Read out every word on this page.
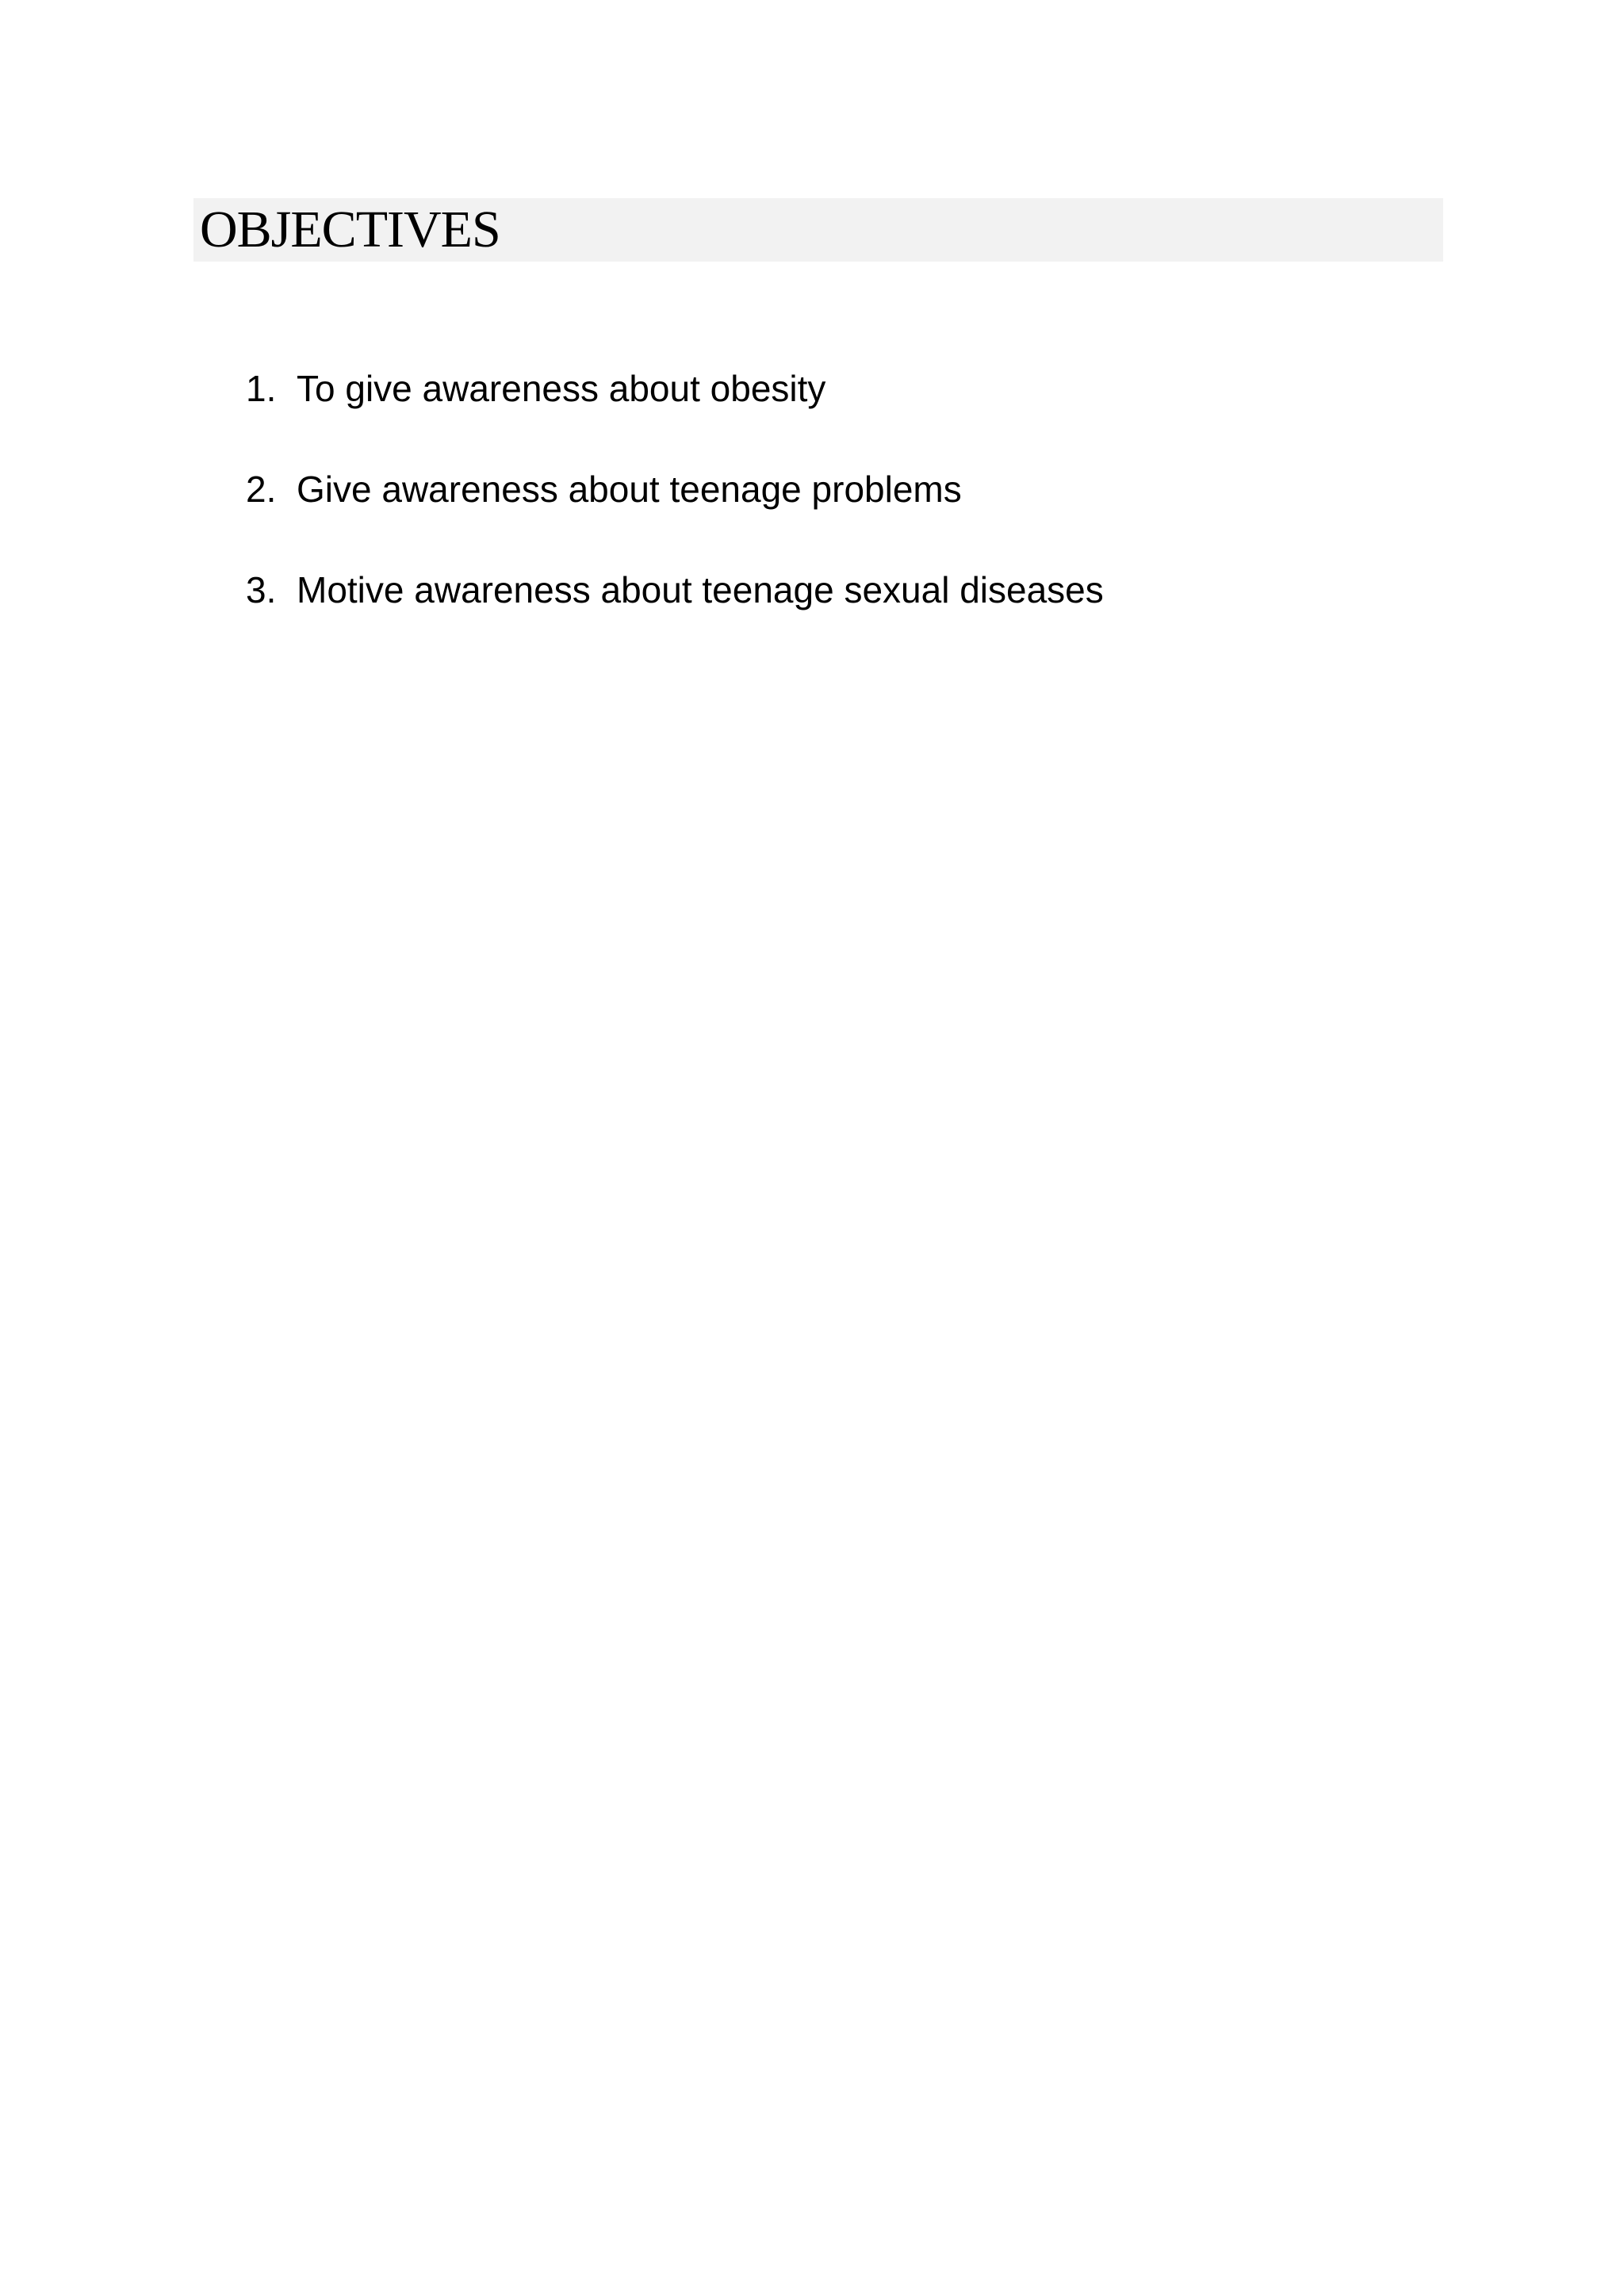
OBJECTIVES
1. To give awareness about obesity
2. Give awareness about teenage problems
3. Motive awareness about teenage sexual diseases
